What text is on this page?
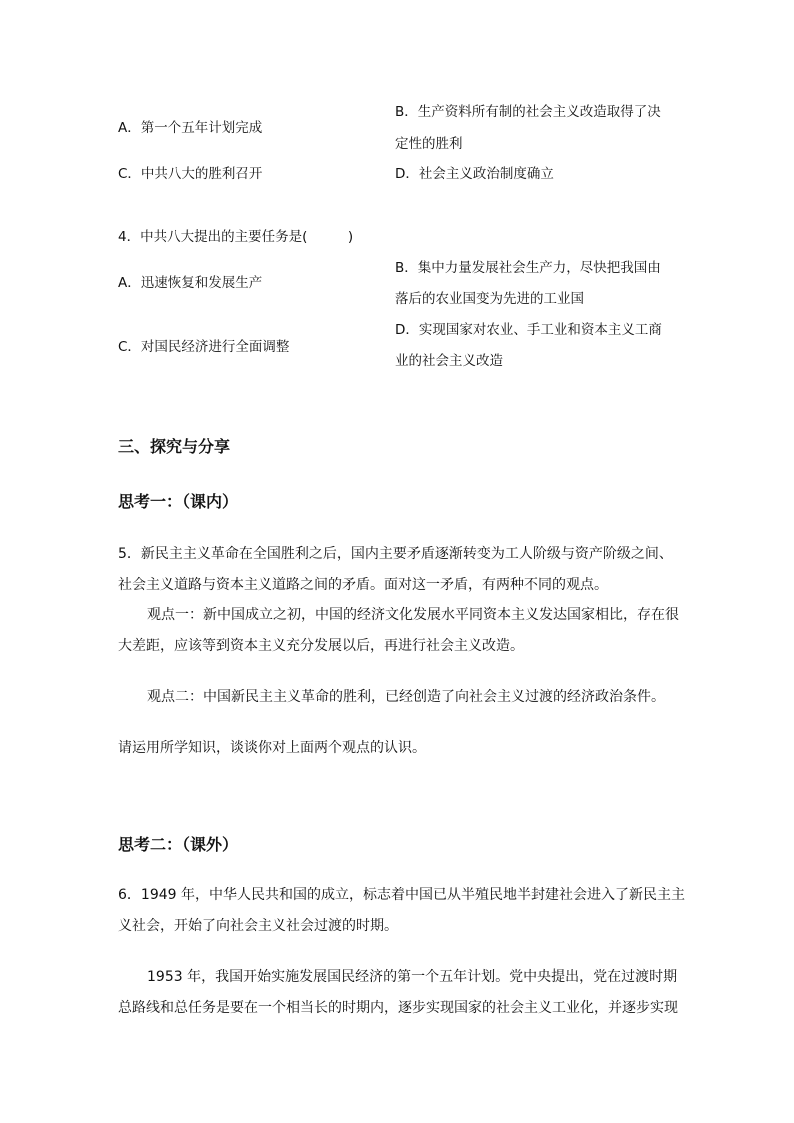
B．生产资料所有制的社会主义改造取得了决
A．第一个五年计划完成
定性的胜利
C．中共八大的胜利召开	D．社会主义政治制度确立
4．中共八大提出的主要任务是(　　　)
B．集中力量发展社会生产力，尽快把我国由
A．迅速恢复和发展生产
落后的农业国变为先进的工业国
D．实现国家对农业、手工业和资本主义工商
C．对国民经济进行全面调整
业的社会主义改造
三、探究与分享
思考一：（课内）
5．新民主主义革命在全国胜利之后，国内主要矛盾逐渐转变为工人阶级与资产阶级之间、
社会主义道路与资本主义道路之间的矛盾。面对这一矛盾，有两种不同的观点。
观点一：新中国成立之初，中国的经济文化发展水平同资本主义发达国家相比，存在很
大差距，应该等到资本主义充分发展以后，再进行社会主义改造。
观点二：中国新民主主义革命的胜利，已经创造了向社会主义过渡的经济政治条件。
请运用所学知识，谈谈你对上面两个观点的认识。
思考二：（课外）
6．1949 年，中华人民共和国的成立，标志着中国已从半殖民地半封建社会进入了新民主主
义社会，开始了向社会主义社会过渡的时期。
1953 年，我国开始实施发展国民经济的第一个五年计划。党中央提出，党在过渡时期
总路线和总任务是要在一个相当长的时期内，逐步实现国家的社会主义工业化，并逐步实现
